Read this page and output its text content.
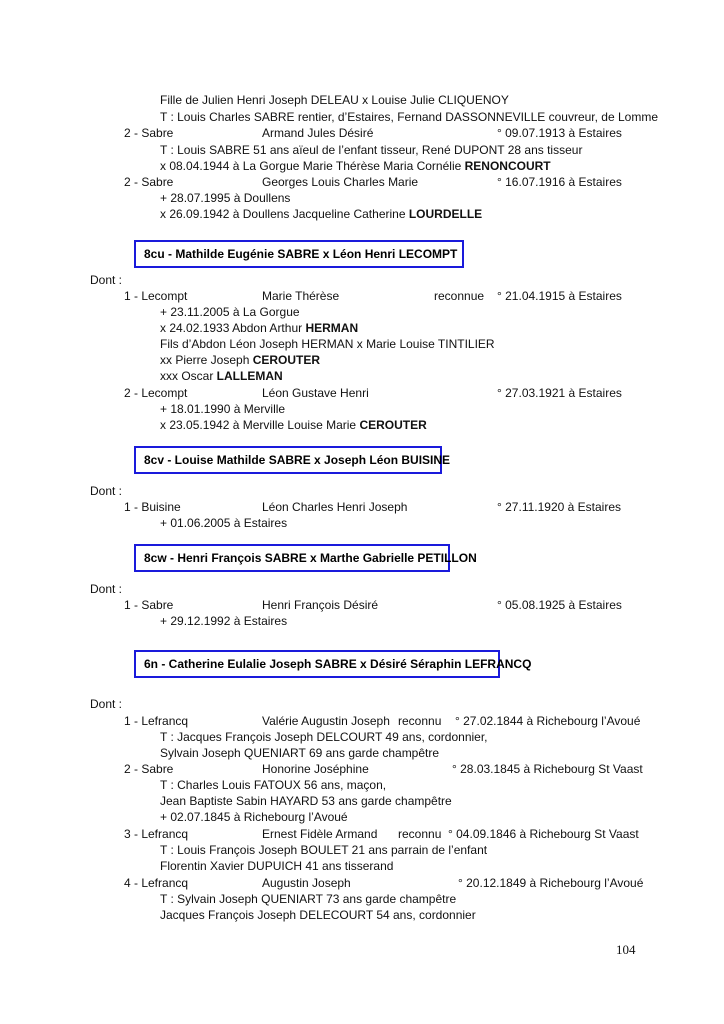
Fille de Julien Henri Joseph DELEAU x Louise Julie CLIQUENOY
T : Louis Charles SABRE rentier, d’Estaires, Fernand DASSONNEVILLE couvreur, de Lomme
2 - Sabre	Armand Jules Désiré	° 09.07.1913 à Estaires
T : Louis SABRE 51 ans aïeul de l’enfant tisseur, René DUPONT 28 ans tisseur
x 08.04.1944 à La Gorgue Marie Thérèse Maria Cornélie RENONCOURT
2 - Sabre	Georges Louis Charles Marie	° 16.07.1916 à Estaires
+ 28.07.1995 à Doullens
x 26.09.1942 à Doullens Jacqueline Catherine LOURDELLE
8cu - Mathilde Eugénie SABRE x Léon Henri LECOMPT
Dont :
1 - Lecompt	Marie Thérèse	reconnue ° 21.04.1915 à Estaires
+ 23.11.2005 à La Gorgue
x 24.02.1933 Abdon Arthur HERMAN
Fils d’Abdon Léon Joseph HERMAN x Marie Louise TINTILIER
xx Pierre Joseph CEROUTER
xxx Oscar LALLEMAN
2 - Lecompt	Léon Gustave Henri	° 27.03.1921 à Estaires
+ 18.01.1990 à Merville
x 23.05.1942 à Merville Louise Marie CEROUTER
8cv - Louise Mathilde SABRE x Joseph Léon BUISINE
Dont :
1 - Buisine	Léon Charles Henri Joseph	° 27.11.1920 à Estaires
+ 01.06.2005 à Estaires
8cw - Henri François SABRE x Marthe Gabrielle PETILLON
Dont :
1 - Sabre	Henri François Désiré	° 05.08.1925 à Estaires
+ 29.12.1992 à Estaires
6n - Catherine Eulalie Joseph SABRE x Désiré Séraphin LEFRANCQ
Dont :
1 - Lefrancq	Valérie Augustin Joseph reconnu ° 27.02.1844 à Richebourg l’Avoué
T : Jacques François Joseph DELCOURT 49 ans, cordonnier,
Sylvain Joseph QUENIART 69 ans garde champêtre
2 - Sabre	Honorine Joséphine	° 28.03.1845 à Richebourg St Vaast
T : Charles Louis FATOUX 56 ans, maçon,
Jean Baptiste Sabin HAYARD 53 ans garde champêtre
+ 02.07.1845 à Richebourg l’Avoué
3 - Lefrancq	Ernest Fidèle Armand reconnu ° 04.09.1846 à Richebourg St Vaast
T : Louis François Joseph BOULET 21 ans parrain de l’enfant
Florentin Xavier DUPUICH 41 ans tisserand
4 - Lefrancq	Augustin Joseph	° 20.12.1849 à Richebourg l’Avoué
T : Sylvain Joseph QUENIART 73 ans garde champêtre
Jacques François Joseph DELECOURT 54 ans, cordonnier
104
